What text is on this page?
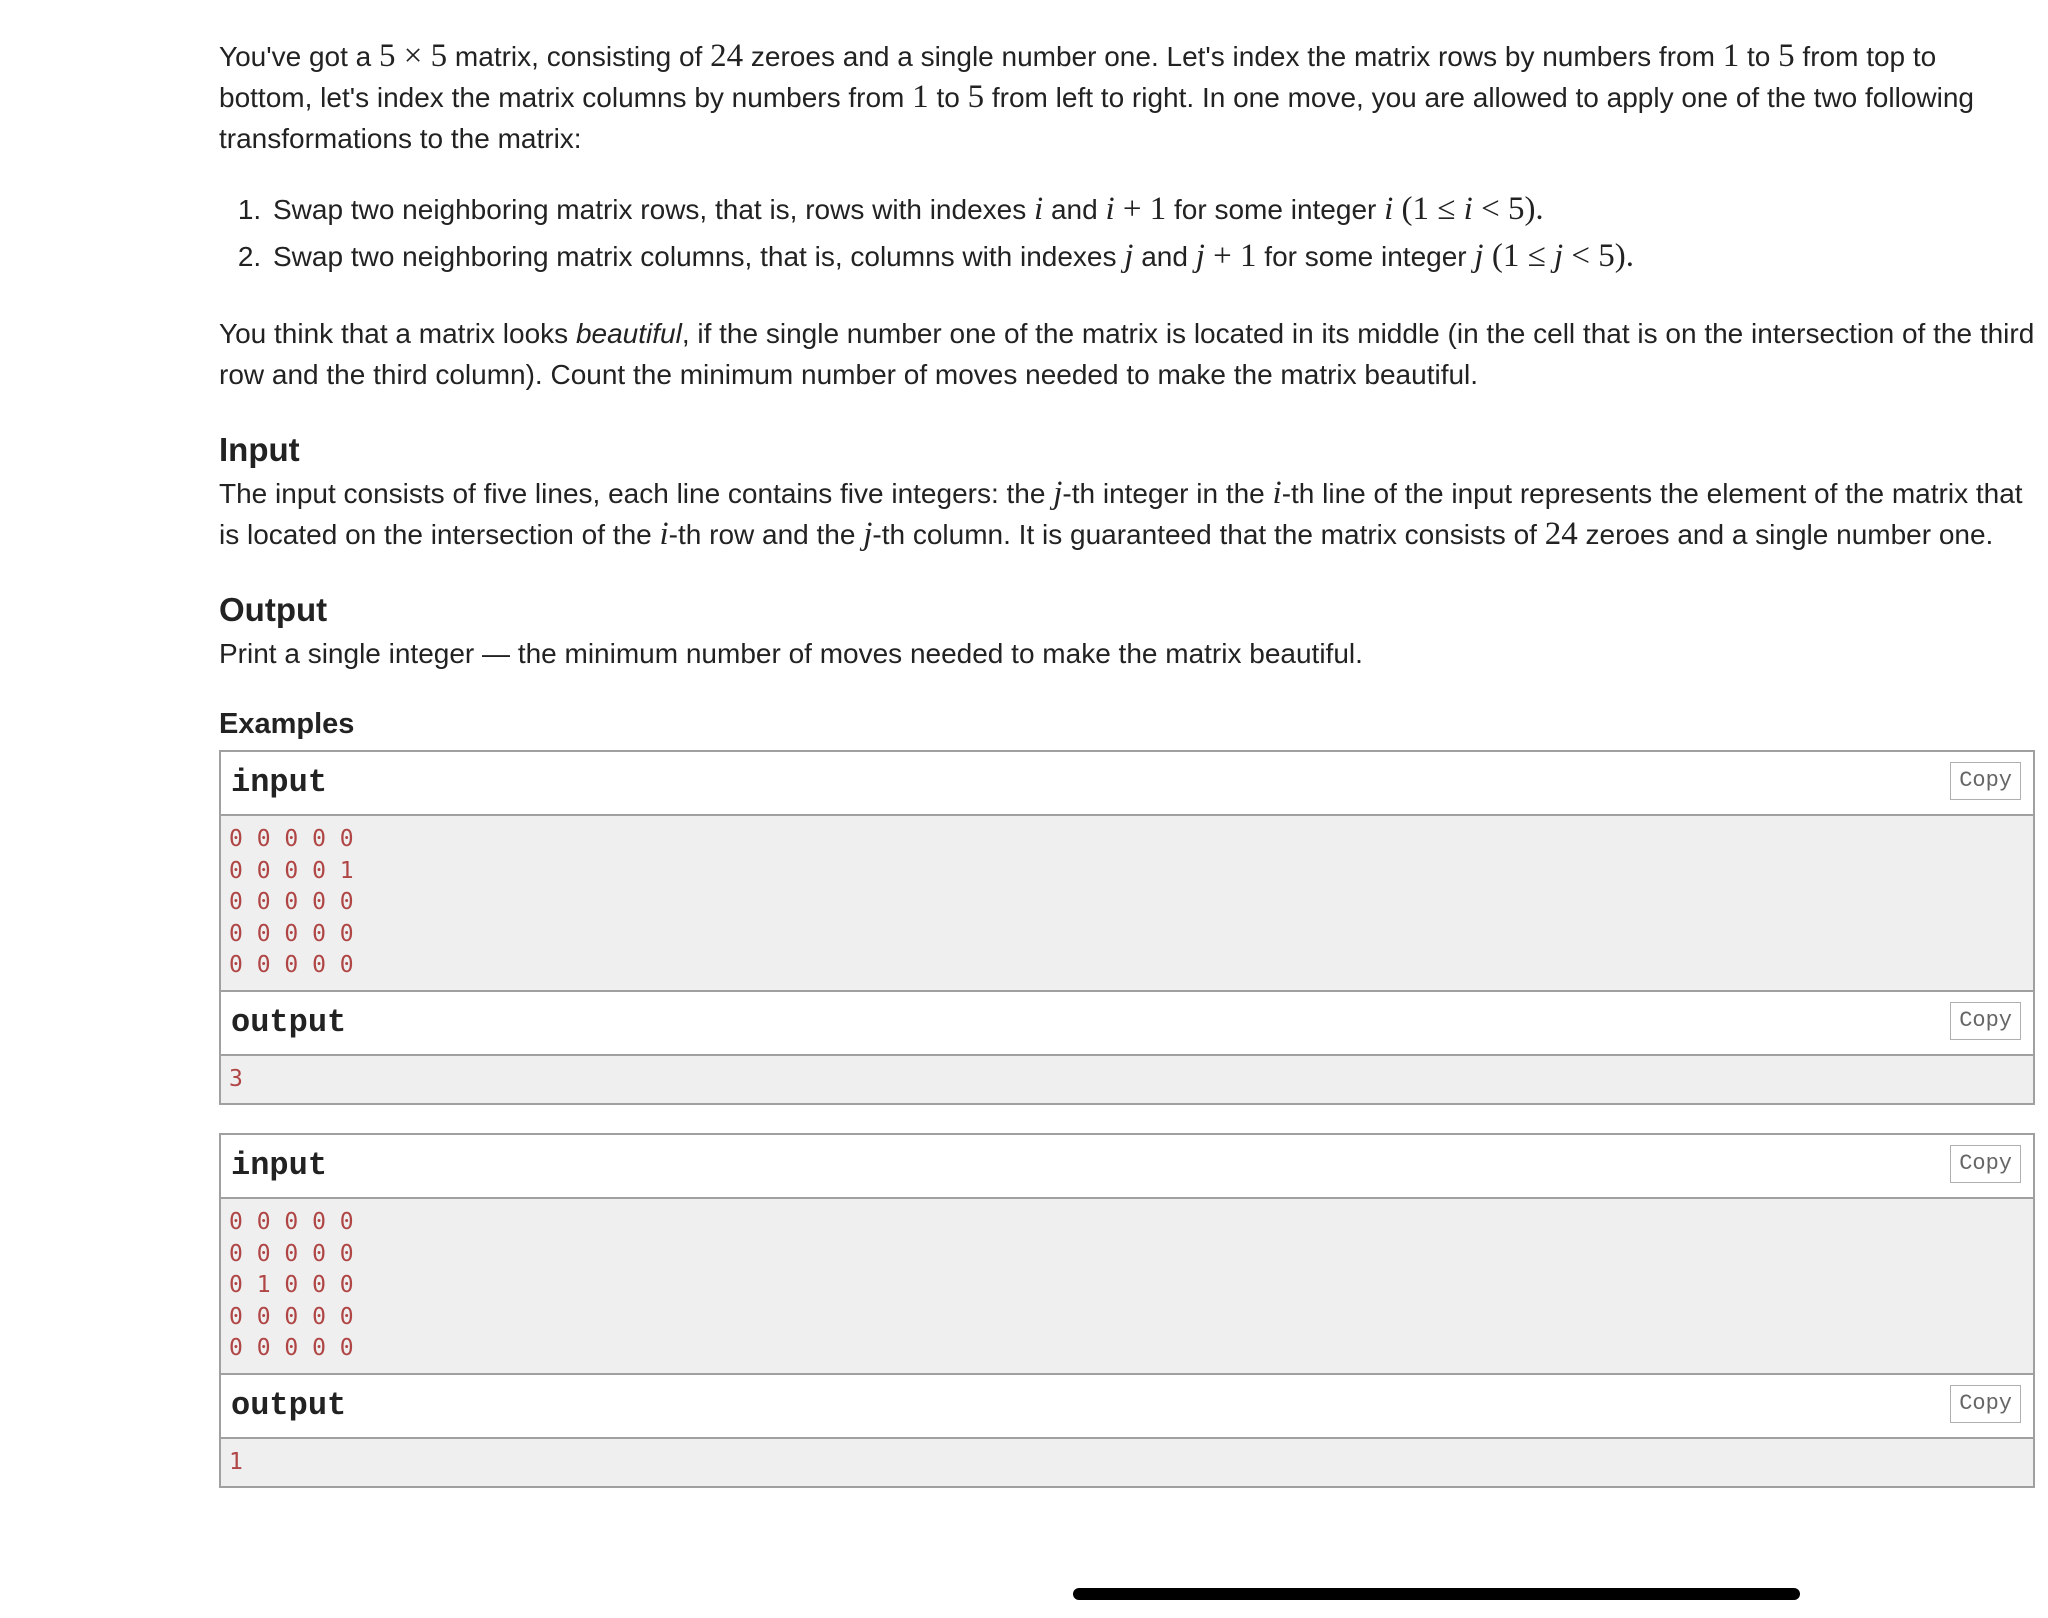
You've got a 5 × 5 matrix, consisting of 24 zeroes and a single number one. Let's index the matrix rows by numbers from 1 to 5 from top to bottom, let's index the matrix columns by numbers from 1 to 5 from left to right. In one move, you are allowed to apply one of the two following transformations to the matrix:

1. Swap two neighboring matrix rows, that is, rows with indexes i and i + 1 for some integer i (1 ≤ i < 5).
2. Swap two neighboring matrix columns, that is, columns with indexes j and j + 1 for some integer j (1 ≤ j < 5).

You think that a matrix looks beautiful, if the single number one of the matrix is located in its middle (in the cell that is on the intersection of the third row and the third column). Count the minimum number of moves needed to make the matrix beautiful.

Input

The input consists of five lines, each line contains five integers: the j-th integer in the i-th line of the input represents the element of the matrix that is located on the intersection of the i-th row and the j-th column. It is guaranteed that the matrix consists of 24 zeroes and a single number one.

Output

Print a single integer — the minimum number of moves needed to make the matrix beautiful.

Examples
input	Copy
0 0 0 0 0
0 0 0 0 1
0 0 0 0 0
0 0 0 0 0
0 0 0 0 0
output	Copy
3
input	Copy
0 0 0 0 0
0 0 0 0 0
0 1 0 0 0
0 0 0 0 0
0 0 0 0 0
output	Copy
1
